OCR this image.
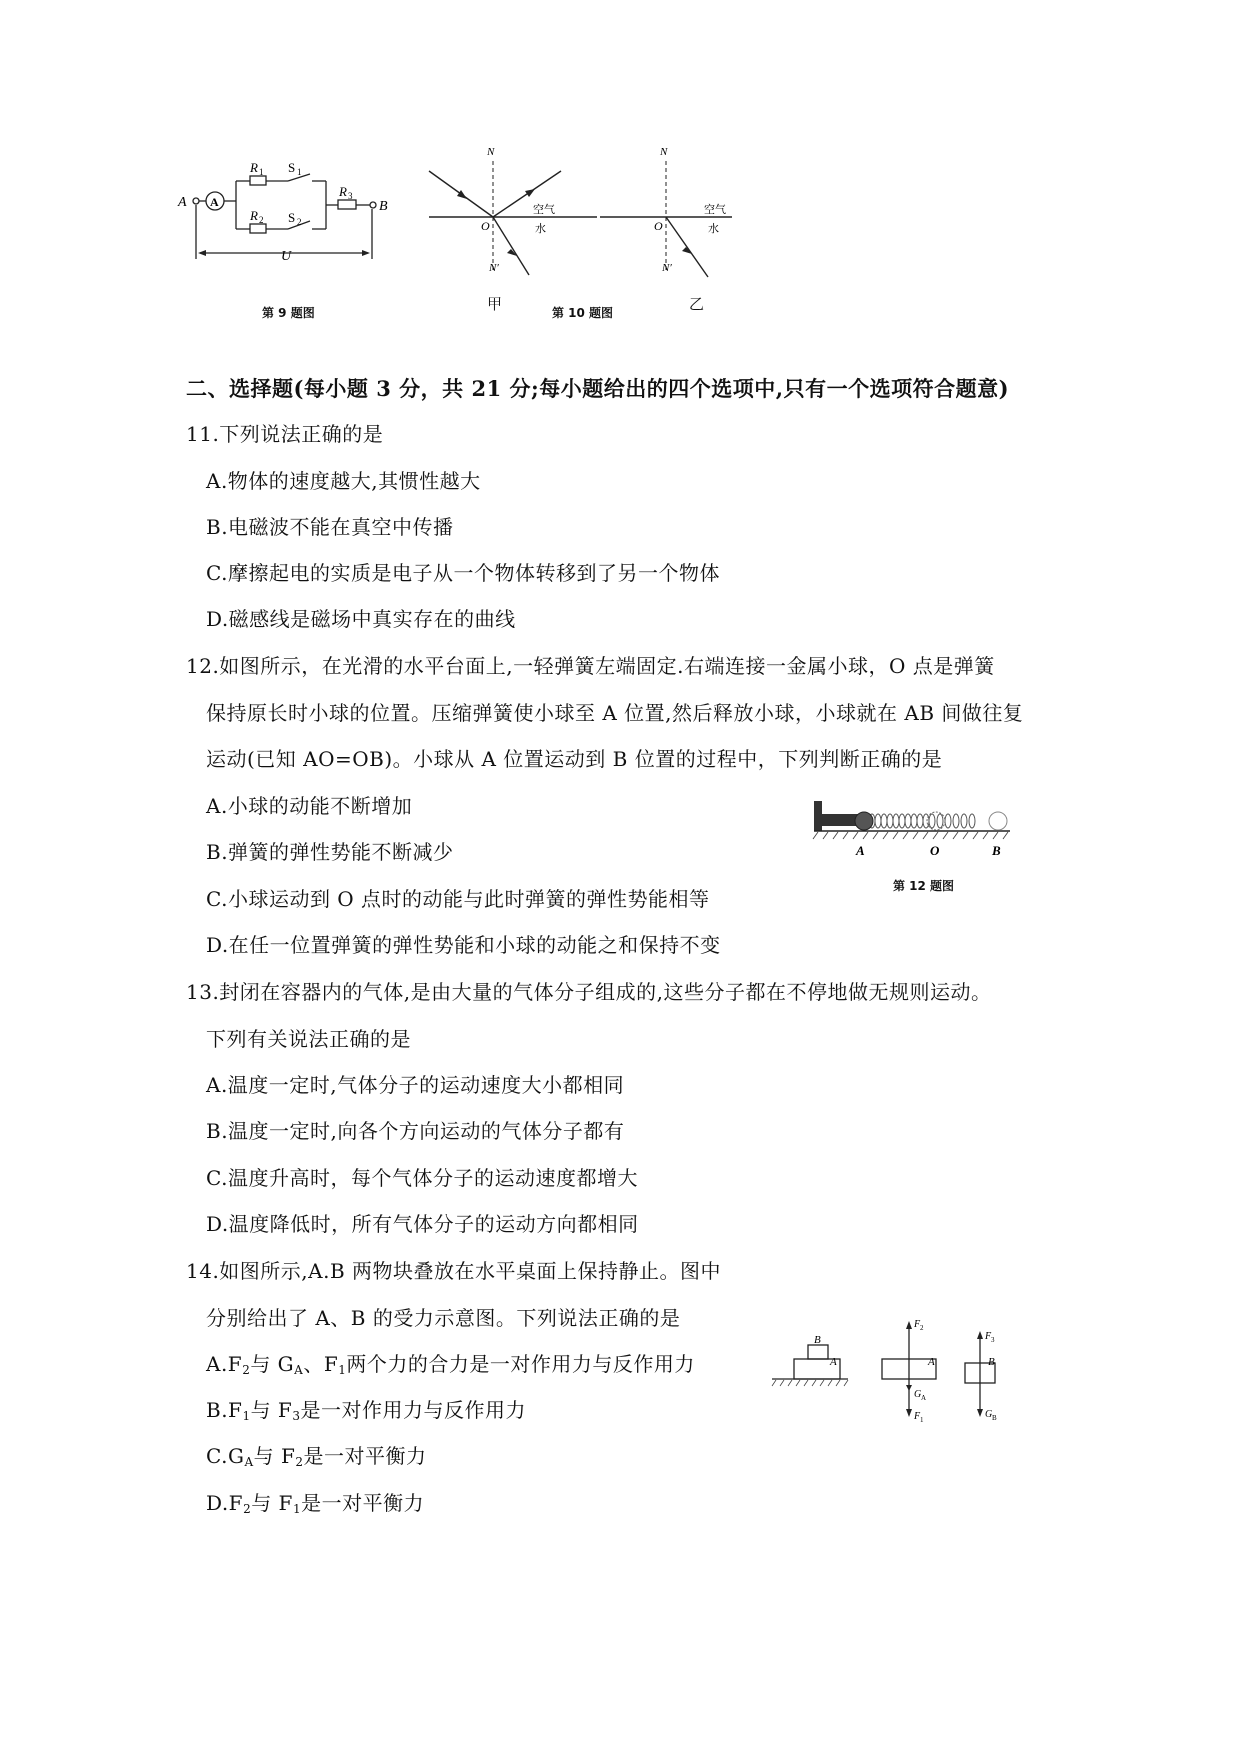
A A
R 1 S 1
R 2 S 2
R 3
B
U
第 9 题图
N
O
N′
空气
水
甲	第 10 题图
N
O
N′
空气
水
乙
二、选择题(每小题 3 分，共 21 分;每小题给出的四个选项中,只有一个选项符合题意)
11.下列说法正确的是
A.物体的速度越大,其惯性越大
B.电磁波不能在真空中传播
C.摩擦起电的实质是电子从一个物体转移到了另一个物体
D.磁感线是磁场中真实存在的曲线
12.如图所示，在光滑的水平台面上,一轻弹簧左端固定.右端连接一金属小球，O 点是弹簧
保持原长时小球的位置。压缩弹簧使小球至 A 位置,然后释放小球，小球就在 AB 间做往复
运动(已知 AO=OB)。小球从 A 位置运动到 B 位置的过程中，下列判断正确的是
A.小球的动能不断增加
B.弹簧的弹性势能不断减少
C.小球运动到 O 点时的动能与此时弹簧的弹性势能相等
D.在任一位置弹簧的弹性势能和小球的动能之和保持不变
A	O	B
第 12 题图
13.封闭在容器内的气体,是由大量的气体分子组成的,这些分子都在不停地做无规则运动。
下列有关说法正确的是
A.温度一定时,气体分子的运动速度大小都相同
B.温度一定时,向各个方向运动的气体分子都有
C.温度升高时，每个气体分子的运动速度都增大
D.温度降低时，所有气体分子的运动方向都相同
14.如图所示,A.B 两物块叠放在水平桌面上保持静止。图中
分别给出了 A、B 的受力示意图。下列说法正确的是
$A.F_2$与 $G_A$、$F_1$两个力的合力是一对作用力与反作用力
$B.F_1$与 $F_3$是一对作用力与反作用力
$C.G_A$与 $F_2$是一对平衡力
$D.F_2$与 $F_1$是一对平衡力
A
B
A	B
F 2
G A
F 1
F 3
G B
